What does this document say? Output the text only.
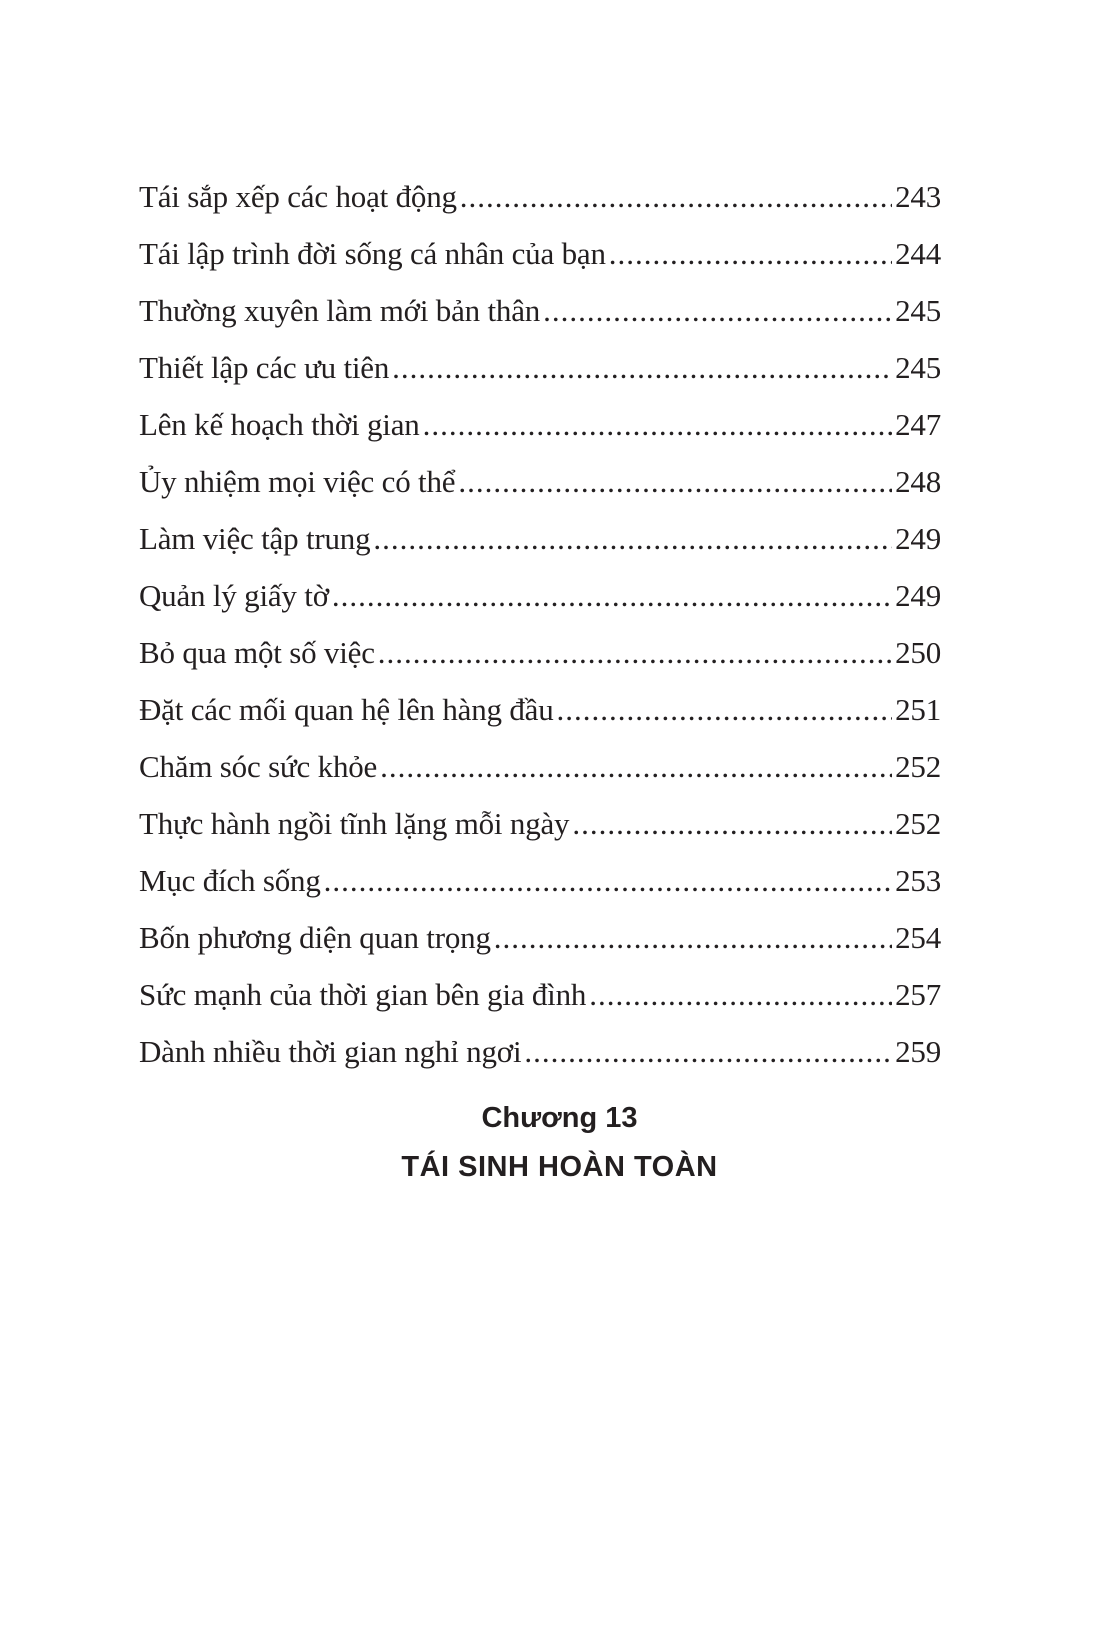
Tái sắp xếp các hoạt động .....	243
Tái lập trình đời sống cá nhân của bạn .....	244
Thường xuyên làm mới bản thân .....	245
Thiết lập các ưu tiên .....	245
Lên kế hoạch thời gian .....	247
Ủy nhiệm mọi việc có thể .....	248
Làm việc tập trung .....	249
Quản lý giấy tờ .....	249
Bỏ qua một số việc .....	250
Đặt các mối quan hệ lên hàng đầu .....	251
Chăm sóc sức khỏe .....	252
Thực hành ngồi tĩnh lặng mỗi ngày .....	252
Mục đích sống .....	253
Bốn phương diện quan trọng .....	254
Sức mạnh của thời gian bên gia đình .....	257
Dành nhiều thời gian nghỉ ngơi .....	259
Chương 13
TÁI SINH HOÀN TOÀN
